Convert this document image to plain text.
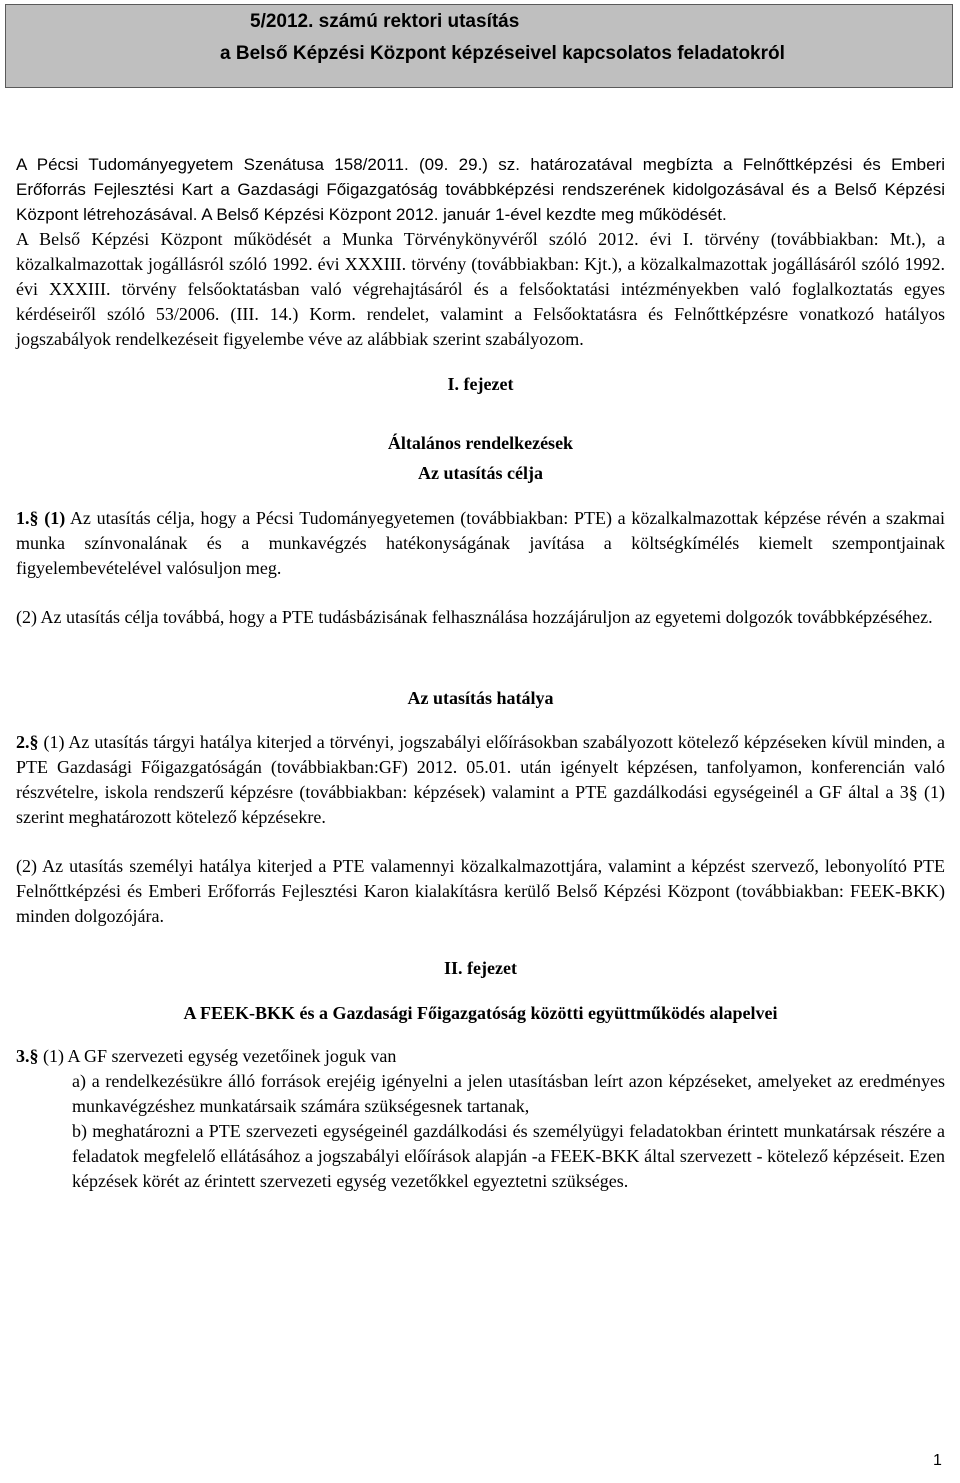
5/2012. számú rektori utasítás
a Belső Képzési Központ képzéseivel kapcsolatos feladatokról

A Pécsi Tudományegyetem Szenátusa 158/2011. (09. 29.) sz. határozatával megbízta a Felnőttképzési és Emberi Erőforrás Fejlesztési Kart a Gazdasági Főigazgatóság továbbképzési rendszerének kidolgozásával és a Belső Képzési Központ létrehozásával. A Belső Képzési Központ 2012. január 1-ével kezdte meg működését.

A Belső Képzési Központ működését a Munka Törvénykönyvéről szóló 2012. évi I. törvény (továbbiakban: Mt.), a közalkalmazottak jogállásról szóló 1992. évi XXXIII. törvény (továbbiakban: Kjt.), a közalkalmazottak jogállásáról szóló 1992. évi XXXIII. törvény felsőoktatásban való végrehajtásáról és a felsőoktatási intézményekben való foglalkoztatás egyes kérdéseiről szóló 53/2006. (III. 14.) Korm. rendelet, valamint a Felsőoktatásra és Felnőttképzésre vonatkozó hatályos jogszabályok rendelkezéseit figyelembe véve az alábbiak szerint szabályozom.

I. fejezet

Általános rendelkezések

Az utasítás célja

1.§ (1) Az utasítás célja, hogy a Pécsi Tudományegyetemen (továbbiakban: PTE) a közalkalmazottak képzése révén a szakmai munka színvonalának és a munkavégzés hatékonyságának javítása a költségkímélés kiemelt szempontjainak figyelembevételével valósuljon meg.

(2) Az utasítás célja továbbá, hogy a PTE tudásbázisának felhasználása hozzájáruljon az egyetemi dolgozók továbbképzéséhez.

Az utasítás hatálya

2.§ (1) Az utasítás tárgyi hatálya kiterjed a törvényi, jogszabályi előírásokban szabályozott kötelező képzéseken kívül minden, a PTE Gazdasági Főigazgatóságán (továbbiakban:GF) 2012. 05.01. után igényelt képzésen, tanfolyamon, konferencián való részvételre, iskola rendszerű képzésre (továbbiakban: képzések) valamint a PTE gazdálkodási egységeinél a GF által a 3§ (1) szerint meghatározott kötelező képzésekre.

(2) Az utasítás személyi hatálya kiterjed a PTE valamennyi közalkalmazottjára, valamint a képzést szervező, lebonyolító PTE Felnőttképzési és Emberi Erőforrás Fejlesztési Karon kialakításra kerülő Belső Képzési Központ (továbbiakban: FEEK-BKK) minden dolgozójára.

II. fejezet

A FEEK-BKK és a Gazdasági Főigazgatóság közötti együttműködés alapelvei

3.§ (1) A GF szervezeti egység vezetőinek joguk van

a) a rendelkezésükre álló források erejéig igényelni a jelen utasításban leírt azon képzéseket, amelyeket az eredményes munkavégzéshez munkatársaik számára szükségesnek tartanak,

b) meghatározni a PTE szervezeti egységeinél gazdálkodási és személyügyi feladatokban érintett munkatársak részére a feladatok megfelelő ellátásához a jogszabályi előírások alapján -a FEEK-BKK által szervezett - kötelező képzéseit. Ezen képzések körét az érintett szervezeti egység vezetőkkel egyeztetni szükséges.

1
